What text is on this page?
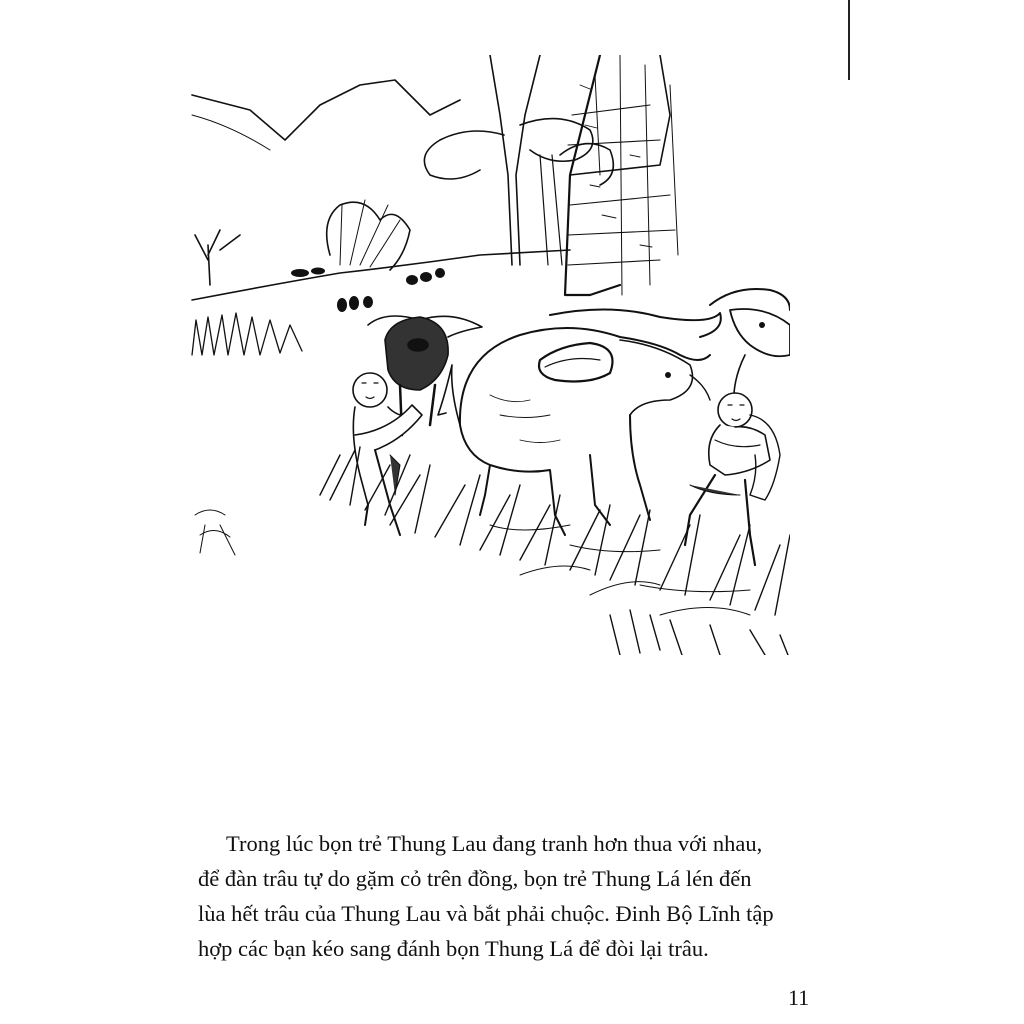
Trong lúc bọn trẻ Thung Lau đang tranh hơn thua với nhau,
để đàn trâu tự do gặm cỏ trên đồng, bọn trẻ Thung Lá lén đến
lùa hết trâu của Thung Lau và bắt phải chuộc. Đinh Bộ Lĩnh tập
hợp các bạn kéo sang đánh bọn Thung Lá để đòi lại trâu.
11
